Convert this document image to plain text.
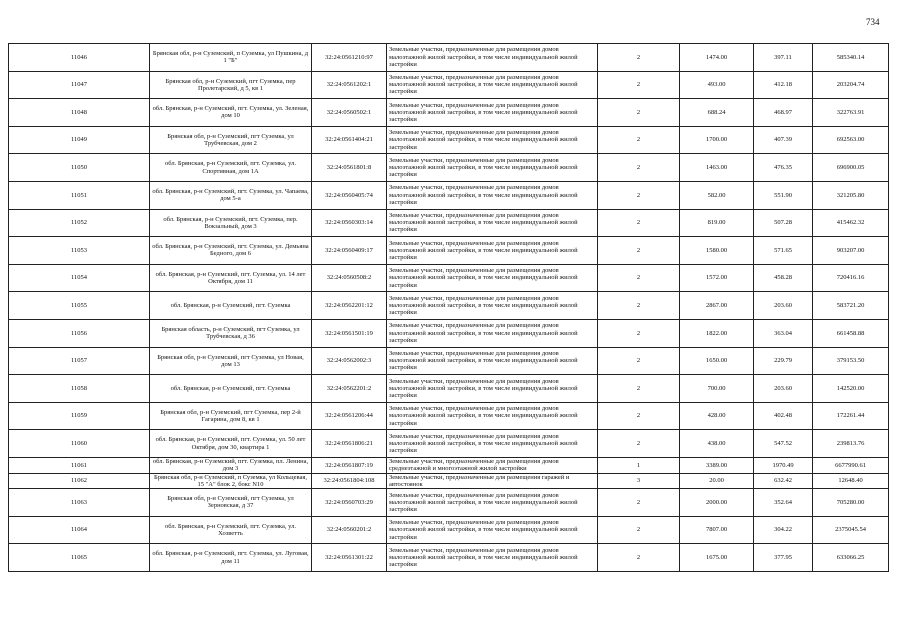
734
11046	Брянская обл, р-н Суземский, п Суземка, ул Пушкина, д 1 "Б"	32:24:0561210:97	Земельные участки, предназначенные для размещения домов малоэтажной жилой застройки, в том числе индивидуальной жилой застройки	2	1474.00	397.11	585340.14
11047	Брянская обл, р-н Суземский, пгт Суземка, пер Пролетарский, д 5, кв 1	32:24:0561202:1	Земельные участки, предназначенные для размещения домов малоэтажной жилой застройки, в том числе индивидуальной жилой застройки	2	493.00	412.18	203204.74
11048	обл. Брянская, р-н Суземский, пгт. Суземка, ул. Зеленая, дом 10	32:24:0560502:1	Земельные участки, предназначенные для размещения домов малоэтажной жилой застройки, в том числе индивидуальной жилой застройки	2	688.24	468.97	322763.91
11049	Брянская обл, р-н Суземский, пгт Суземка, ул Трубчевская, дом 2	32:24:0561404:21	Земельные участки, предназначенные для размещения домов малоэтажной жилой застройки, в том числе индивидуальной жилой застройки	2	1700.00	407.39	692563.00
11050	обл. Брянская, р-н Суземский, пгт. Суземка, ул. Спортивная, дом 1А	32:24:0561801:8	Земельные участки, предназначенные для размещения домов малоэтажной жилой застройки, в том числе индивидуальной жилой застройки	2	1463.00	476.35	696900.05
11051	обл. Брянская, р-н Суземский, пгт. Суземка, ул. Чапаева, дом 5-а	32:24:0560405:74	Земельные участки, предназначенные для размещения домов малоэтажной жилой застройки, в том числе индивидуальной жилой застройки	2	582.00	551.90	321205.80
11052	обл. Брянская, р-н Суземский, пгт. Суземка, пер. Вокзальный, дом 3	32:24:0560303:14	Земельные участки, предназначенные для размещения домов малоэтажной жилой застройки, в том числе индивидуальной жилой застройки	2	819.00	507.28	415462.32
11053	обл. Брянская, р-н Суземский, пгт. Суземка, ул. Демьяна Бедного, дом 6	32:24:0560409:17	Земельные участки, предназначенные для размещения домов малоэтажной жилой застройки, в том числе индивидуальной жилой застройки	2	1580.00	571.65	903207.00
11054	обл. Брянская, р-н Суземский, пгт. Суземка, ул. 14 лет Октября, дом 11	32:24:0560508:2	Земельные участки, предназначенные для размещения домов малоэтажной жилой застройки, в том числе индивидуальной жилой застройки	2	1572.00	458.28	720416.16
11055	обл. Брянская, р-н Суземский, пгт. Суземка	32:24:0562201:12	Земельные участки, предназначенные для размещения домов малоэтажной жилой застройки, в том числе индивидуальной жилой застройки	2	2867.00	203.60	583721.20
11056	Брянская область, р-н Суземский, пгт Суземка, ул Трубчевская, д 36	32:24:0561501:19	Земельные участки, предназначенные для размещения домов малоэтажной жилой застройки, в том числе индивидуальной жилой застройки	2	1822.00	363.04	661458.88
11057	Брянская обл, р-н Суземский, пгт Суземка, ул Новая, дом 13	32:24:0562002:3	Земельные участки, предназначенные для размещения домов малоэтажной жилой застройки, в том числе индивидуальной жилой застройки	2	1650.00	229.79	379153.50
11058	обл. Брянская, р-н Суземский, пгт. Суземка	32:24:0562201:2	Земельные участки, предназначенные для размещения домов малоэтажной жилой застройки, в том числе индивидуальной жилой застройки	2	700.00	203.60	142520.00
11059	Брянская обл, р-н Суземский, пгт Суземка, пер 2-й Гагарина, дом 8, кв 1	32:24:0561206:44	Земельные участки, предназначенные для размещения домов малоэтажной жилой застройки, в том числе индивидуальной жилой застройки	2	428.00	402.48	172261.44
11060	обл. Брянская, р-н Суземский, пгт. Суземка, ул. 50 лет Октября, дом 30, квартира 1	32:24:0561806:21	Земельные участки, предназначенные для размещения домов малоэтажной жилой застройки, в том числе индивидуальной жилой застройки	2	438.00	547.52	239813.76
11061	обл. Брянская, р-н Суземский, пгт. Суземка, пл. Ленина, дом 3	32:24:0561807:19	Земельные участки, предназначенные для размещения домов среднеэтажной и многоэтажной жилой застройки	1	3389.00	1970.49	6677990.61
11062	Брянская обл, р-н Суземский, п Суземка, ул Кольцевая, 15 "А" блок 2, бокс N10	32:24:0561804:108	Земельные участки, предназначенные для размещения гаражей и автостоянок	3	20.00	632.42	12648.40
11063	Брянская обл, р-н Суземский, пгт Суземка, ул Зерновская, д 37	32:24:0560703:29	Земельные участки, предназначенные для размещения домов малоэтажной жилой застройки, в том числе индивидуальной жилой застройки	2	2000.00	352.64	705280.00
11064	обл. Брянская, р-н Суземский, пгт. Суземка, ул. Хозветть	32:24:0560201:2	Земельные участки, предназначенные для размещения домов малоэтажной жилой застройки, в том числе индивидуальной жилой застройки	2	7807.00	304.22	2375045.54
11065	обл. Брянская, р-н Суземский, пгт. Суземка, ул. Луговая, дом 11	32:24:0561301:22	Земельные участки, предназначенные для размещения домов малоэтажной жилой застройки, в том числе индивидуальной жилой застройки	2	1675.00	377.95	633066.25
